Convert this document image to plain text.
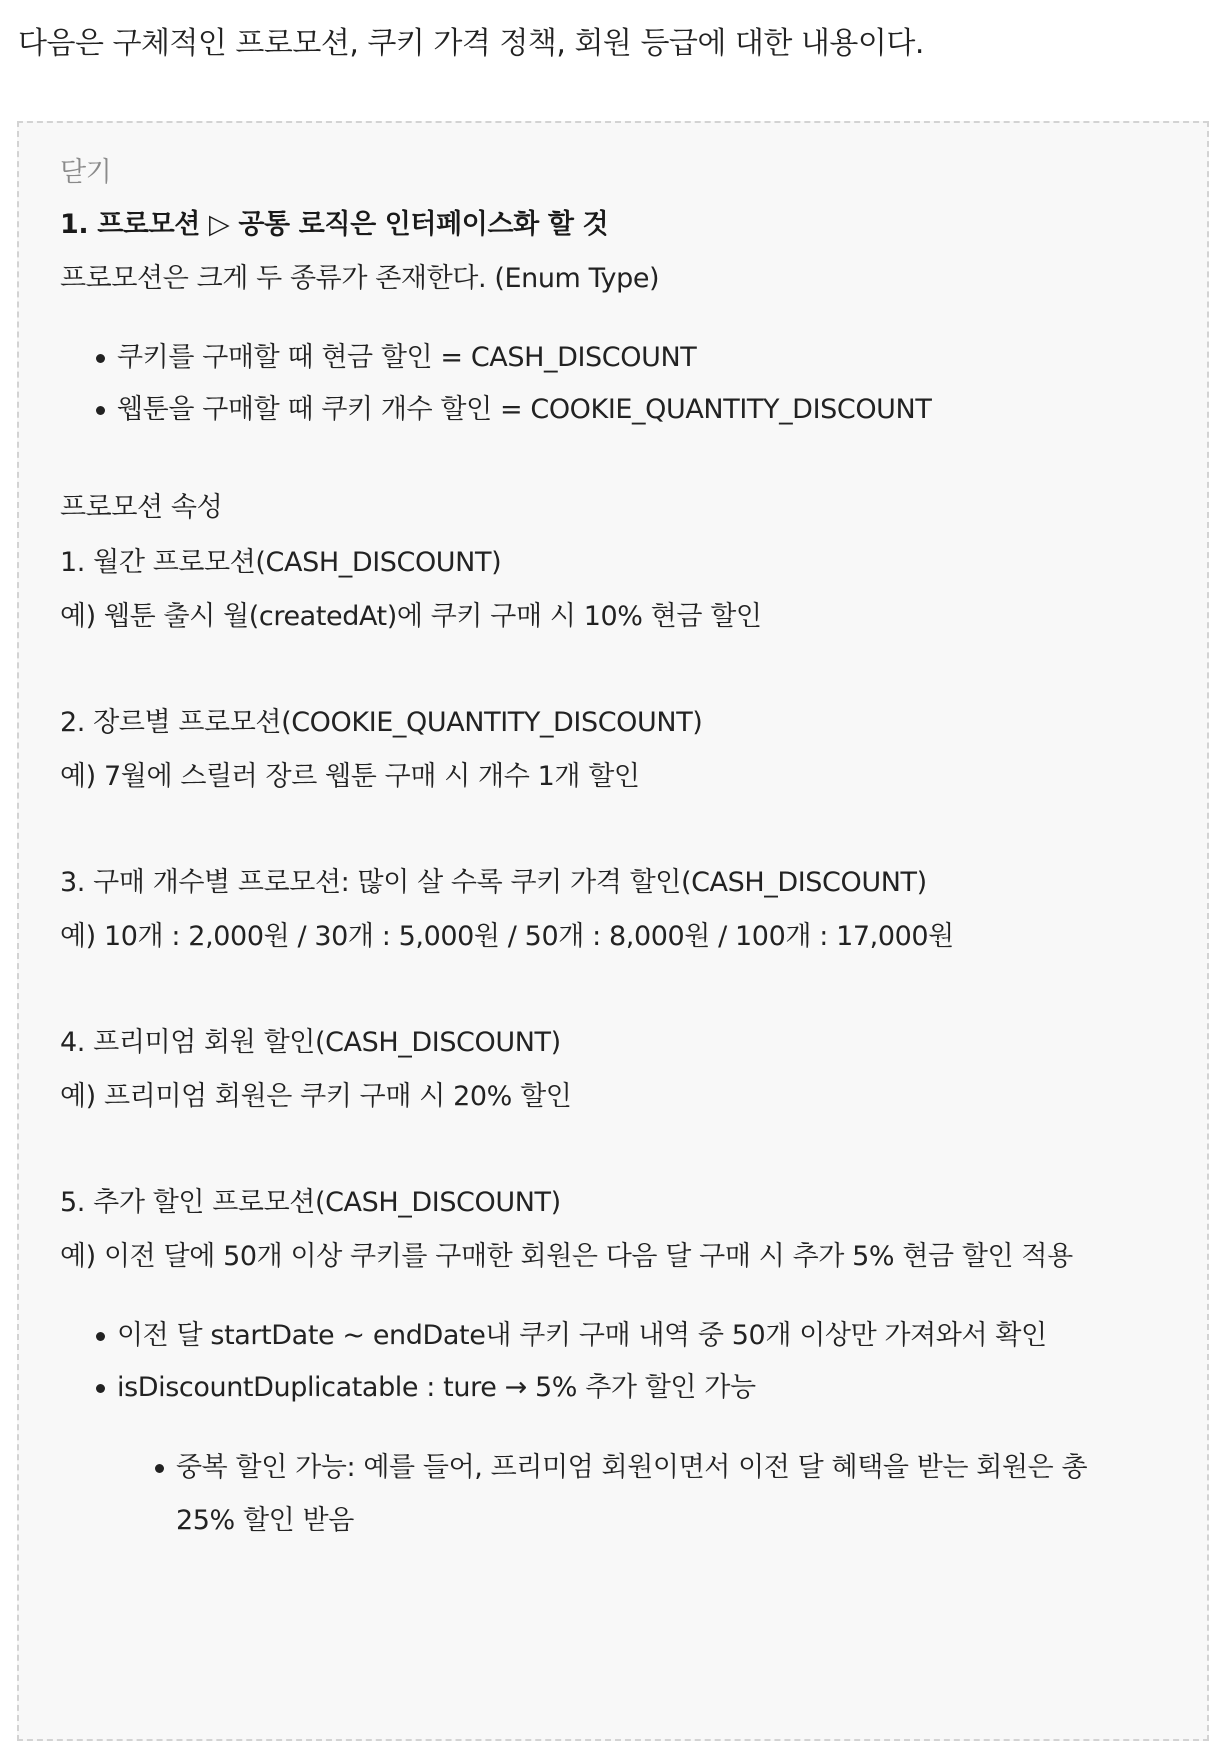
다음은 구체적인 프로모션, 쿠키 가격 정책, 회원 등급에 대한 내용이다.
닫기
1. 프로모션 ▷ 공통 로직은 인터페이스화 할 것
프로모션은 크게 두 종류가 존재한다. (Enum Type)
쿠키를 구매할 때 현금 할인 = CASH_DISCOUNT
웹툰을 구매할 때 쿠키 개수 할인 = COOKIE_QUANTITY_DISCOUNT
프로모션 속성
1. 월간 프로모션(CASH_DISCOUNT)
예) 웹툰 출시 월(createdAt)에 쿠키 구매 시 10% 현금 할인
2. 장르별 프로모션(COOKIE_QUANTITY_DISCOUNT)
예) 7월에 스릴러 장르 웹툰 구매 시 개수 1개 할인
3. 구매 개수별 프로모션: 많이 살 수록 쿠키 가격 할인(CASH_DISCOUNT)
예) 10개 : 2,000원 / 30개 : 5,000원 / 50개 : 8,000원 / 100개 : 17,000원
4. 프리미엄 회원 할인(CASH_DISCOUNT)
예) 프리미엄 회원은 쿠키 구매 시 20% 할인
5. 추가 할인 프로모션(CASH_DISCOUNT)
예) 이전 달에 50개 이상 쿠키를 구매한 회원은 다음 달 구매 시 추가 5% 현금 할인 적용
이전 달 startDate ~ endDate내 쿠키 구매 내역 중 50개 이상만 가져와서 확인
isDiscountDuplicatable : ture → 5% 추가 할인 가능
중복 할인 가능: 예를 들어, 프리미엄 회원이면서 이전 달 혜택을 받는 회원은 총
25% 할인 받음
